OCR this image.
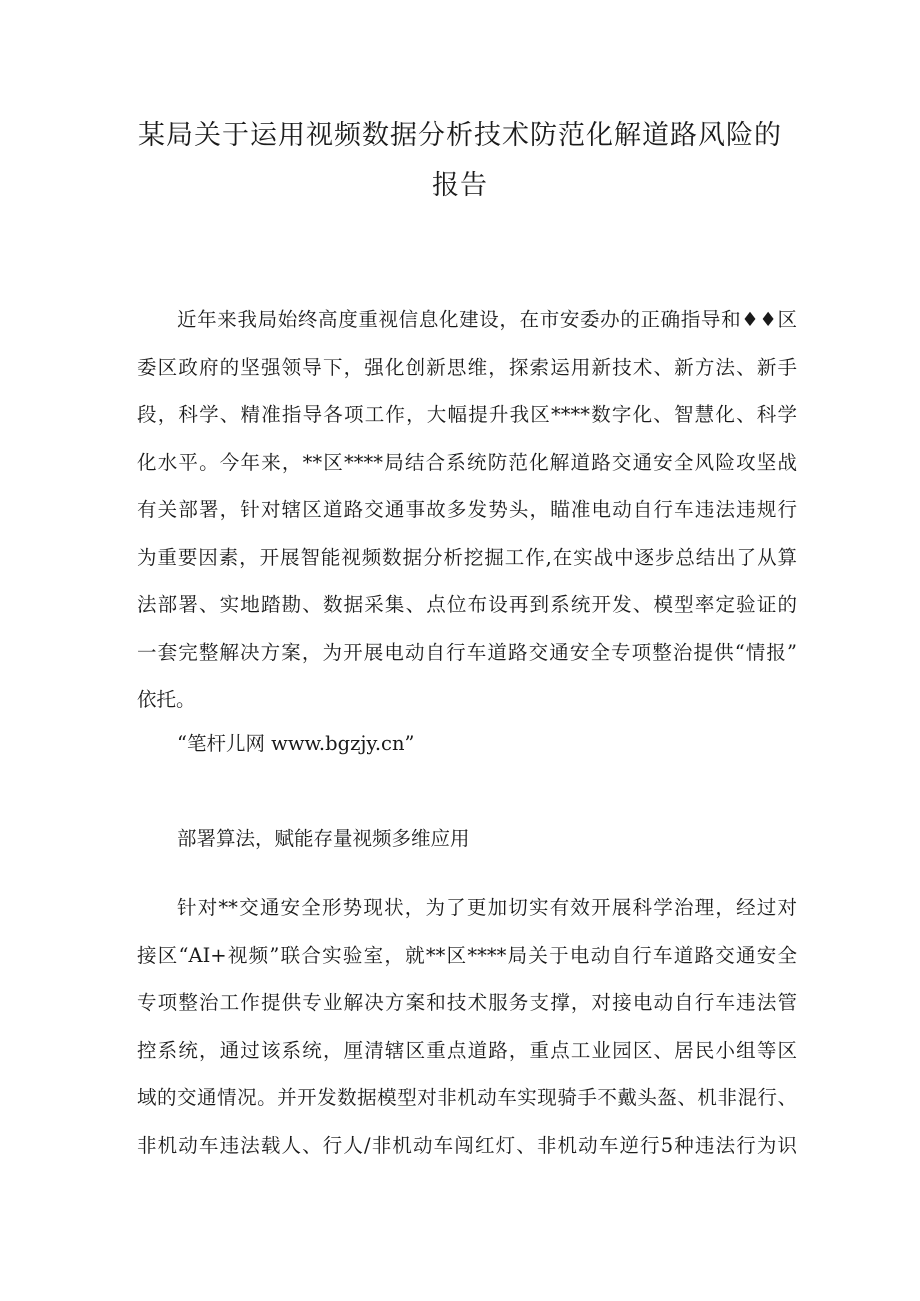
某局关于运用视频数据分析技术防范化解道路风险的
报告
近年来我局始终高度重视信息化建设，在市安委办的正确指导和♦♦区
委区政府的坚强领导下，强化创新思维，探索运用新技术、新方法、新手
段，科学、精准指导各项工作，大幅提升我区****数字化、智慧化、科学
化水平。今年来，**区****局结合系统防范化解道路交通安全风险攻坚战
有关部署，针对辖区道路交通事故多发势头，瞄准电动自行车违法违规行
为重要因素，开展智能视频数据分析挖掘工作,在实战中逐步总结出了从算
法部署、实地踏勘、数据采集、点位布设再到系统开发、模型率定验证的
一套完整解决方案，为开展电动自行车道路交通安全专项整治提供“情报”
依托。

“笔杆儿网 www.bgzjy.cn”

部署算法，赋能存量视频多维应用

针对**交通安全形势现状，为了更加切实有效开展科学治理，经过对
接区“AI+视频”联合实验室，就**区****局关于电动自行车道路交通安全
专项整治工作提供专业解决方案和技术服务支撑，对接电动自行车违法管
控系统，通过该系统，厘清辖区重点道路，重点工业园区、居民小组等区
域的交通情况。并开发数据模型对非机动车实现骑手不戴头盔、机非混行、
非机动车违法载人、行人/非机动车闯红灯、非机动车逆行5种违法行为识
